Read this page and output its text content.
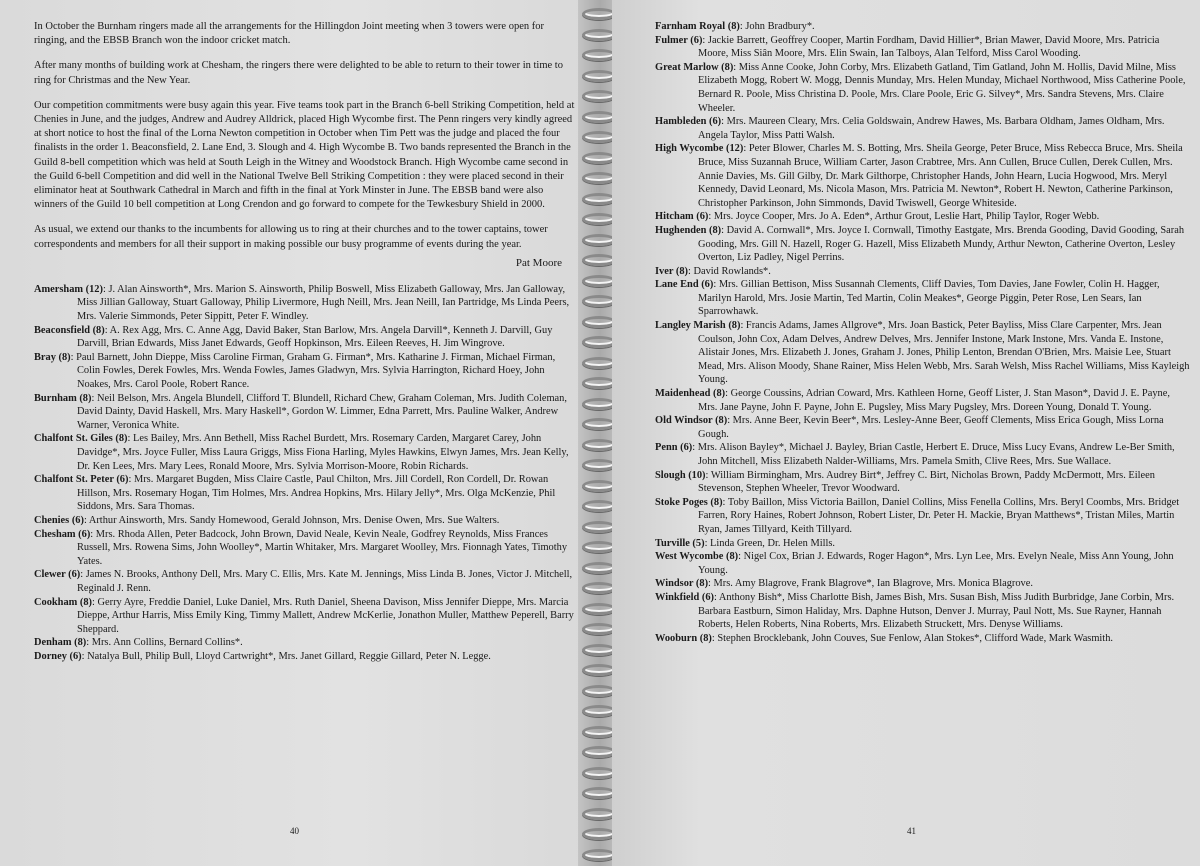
In October the Burnham ringers made all the arrangements for the Hillingdon Joint meeting when 3 towers were open for ringing, and the EBSB Branch won the indoor cricket match.

After many months of building work at Chesham, the ringers there were delighted to be able to return to their tower in time to ring for Christmas and the New Year.

Our competition commitments were busy again this year. Five teams took part in the Branch 6-bell Striking Competition, held at Chenies in June, and the judges, Andrew and Audrey Alldrick, placed High Wycombe first. The Penn ringers very kindly agreed at short notice to host the final of the Lorna Newton competition in October when Tim Pett was the judge and placed the four finalists in the order 1. Beaconsfield, 2. Lane End, 3. Slough and 4. High Wycombe B. Two bands represented the Branch in the Guild 8-bell competition which was held at South Leigh in the Witney and Woodstock Branch. High Wycombe came second in the Guild 6-bell Competition and did well in the National Twelve Bell Striking Competition : they were placed second in their eliminator heat at Southwark Cathedral in March and fifth in the final at York Minster in June. The EBSB band were also winners of the Guild 10 bell competition at Long Crendon and go forward to compete for the Tewkesbury Shield in 2000.

As usual, we extend our thanks to the incumbents for allowing us to ring at their churches and to the tower captains, tower correspondents and members for all their support in making possible our busy programme of events during the year.

Pat Moore

Amersham (12): J. Alan Ainsworth*, Mrs. Marion S. Ainsworth, Philip Boswell, Miss Elizabeth Galloway, Mrs. Jan Galloway, Miss Jillian Galloway, Stuart Galloway, Philip Livermore, Hugh Neill, Mrs. Jean Neill, Ian Partridge, Ms Linda Peers, Mrs. Valerie Simmonds, Peter Sippitt, Peter F. Windley.

Beaconsfield (8): A. Rex Agg, Mrs. C. Anne Agg, David Baker, Stan Barlow, Mrs. Angela Darvill*, Kenneth J. Darvill, Guy Darvill, Brian Edwards, Miss Janet Edwards, Geoff Hopkinson, Mrs. Eileen Reeves, H. Jim Wingrove.

Bray (8): Paul Barnett, John Dieppe, Miss Caroline Firman, Graham G. Firman*, Mrs. Katharine J. Firman, Michael Firman, Colin Fowles, Derek Fowles, Mrs. Wenda Fowles, James Gladwyn, Mrs. Sylvia Harrington, Richard Hoey, John Noakes, Mrs. Carol Poole, Robert Rance.

Burnham (8): Neil Belson, Mrs. Angela Blundell, Clifford T. Blundell, Richard Chew, Graham Coleman, Mrs. Judith Coleman, David Dainty, David Haskell, Mrs. Mary Haskell*, Gordon W. Limmer, Edna Parrett, Mrs. Pauline Walker, Andrew Warner, Veronica White.

Chalfont St. Giles (8): Les Bailey, Mrs. Ann Bethell, Miss Rachel Burdett, Mrs. Rosemary Carden, Margaret Carey, John Davidge*, Mrs. Joyce Fuller, Miss Laura Griggs, Miss Fiona Harling, Myles Hawkins, Elwyn James, Mrs. Jean Kelly, Dr. Ken Lees, Mrs. Mary Lees, Ronald Moore, Mrs. Sylvia Morrison-Moore, Robin Richards.

Chalfont St. Peter (6): Mrs. Margaret Bugden, Miss Claire Castle, Paul Chilton, Mrs. Jill Cordell, Ron Cordell, Dr. Rowan Hillson, Mrs. Rosemary Hogan, Tim Holmes, Mrs. Andrea Hopkins, Mrs. Hilary Jelly*, Mrs. Olga McKenzie, Phil Siddons, Mrs. Sara Thomas.

Chenies (6): Arthur Ainsworth, Mrs. Sandy Homewood, Gerald Johnson, Mrs. Denise Owen, Mrs. Sue Walters.

Chesham (6): Mrs. Rhoda Allen, Peter Badcock, John Brown, David Neale, Kevin Neale, Godfrey Reynolds, Miss Frances Russell, Mrs. Rowena Sims, John Woolley*, Martin Whitaker, Mrs. Margaret Woolley, Mrs. Fionnagh Yates, Timothy Yates.

Clewer (6): James N. Brooks, Anthony Dell, Mrs. Mary C. Ellis, Mrs. Kate M. Jennings, Miss Linda B. Jones, Victor J. Mitchell, Reginald J. Renn.

Cookham (8): Gerry Ayre, Freddie Daniel, Luke Daniel, Mrs. Ruth Daniel, Sheena Davison, Miss Jennifer Dieppe, Mrs. Marcia Dieppe, Arthur Harris, Miss Emily King, Timmy Mallett, Andrew McKerlie, Jonathon Muller, Matthew Peperell, Barry Sheppard.

Denham (8): Mrs. Ann Collins, Bernard Collins*.

Dorney (6): Natalya Bull, Philip Bull, Lloyd Cartwright*, Mrs. Janet Gillard, Reggie Gillard, Peter N. Legge.

40

Farnham Royal (8): John Bradbury*.

Fulmer (6): Jackie Barrett, Geoffrey Cooper, Martin Fordham, David Hillier*, Brian Mawer, David Moore, Mrs. Patricia Moore, Miss Siân Moore, Mrs. Elin Swain, Ian Talboys, Alan Telford, Miss Carol Wooding.

Great Marlow (8): Miss Anne Cooke, John Corby, Mrs. Elizabeth Gatland, Tim Gatland, John M. Hollis, David Milne, Miss Elizabeth Mogg, Robert W. Mogg, Dennis Munday, Mrs. Helen Munday, Michael Northwood, Miss Catherine Poole, Bernard R. Poole, Miss Christina D. Poole, Mrs. Clare Poole, Eric G. Silvey*, Mrs. Sandra Stevens, Mrs. Claire Wheeler.

Hambleden (6): Mrs. Maureen Cleary, Mrs. Celia Goldswain, Andrew Hawes, Ms. Barbara Oldham, James Oldham, Mrs. Angela Taylor, Miss Patti Walsh.

High Wycombe (12): Peter Blower, Charles M. S. Botting, Mrs. Sheila George, Peter Bruce, Miss Rebecca Bruce, Mrs. Sheila Bruce, Miss Suzannah Bruce, William Carter, Jason Crabtree, Mrs. Ann Cullen, Bruce Cullen, Derek Cullen, Mrs. Annie Davies, Ms. Gill Gilby, Dr. Mark Gilthorpe, Christopher Hands, John Hearn, Lucia Hogwood, Mrs. Meryl Kennedy, David Leonard, Ms. Nicola Mason, Mrs. Patricia M. Newton*, Robert H. Newton, Catherine Parkinson, Christopher Parkinson, John Simmonds, David Twiswell, George Whiteside.

Hitcham (6): Mrs. Joyce Cooper, Mrs. Jo A. Eden*, Arthur Grout, Leslie Hart, Philip Taylor, Roger Webb.

Hughenden (8): David A. Cornwall*, Mrs. Joyce I. Cornwall, Timothy Eastgate, Mrs. Brenda Gooding, David Gooding, Sarah Gooding, Mrs. Gill N. Hazell, Roger G. Hazell, Miss Elizabeth Mundy, Arthur Newton, Catherine Overton, Lesley Overton, Liz Padley, Nigel Perrins.

Iver (8): David Rowlands*.

Lane End (6): Mrs. Gillian Bettison, Miss Susannah Clements, Cliff Davies, Tom Davies, Jane Fowler, Colin H. Hagger, Marilyn Harold, Mrs. Josie Martin, Ted Martin, Colin Meakes*, George Piggin, Peter Rose, Len Sears, Ian Sparrowhawk.

Langley Marish (8): Francis Adams, James Allgrove*, Mrs. Joan Bastick, Peter Bayliss, Miss Clare Carpenter, Mrs. Jean Coulson, John Cox, Adam Delves, Andrew Delves, Mrs. Jennifer Instone, Mark Instone, Mrs. Vanda E. Instone, Alistair Jones, Mrs. Elizabeth J. Jones, Graham J. Jones, Philip Lenton, Brendan O'Brien, Mrs. Maisie Lee, Stuart Mead, Mrs. Alison Moody, Shane Rainer, Miss Helen Webb, Mrs. Sarah Welsh, Miss Rachel Williams, Miss Kayleigh Young.

Maidenhead (8): George Coussins, Adrian Coward, Mrs. Kathleen Horne, Geoff Lister, J. Stan Mason*, David J. E. Payne, Mrs. Jane Payne, John F. Payne, John E. Pugsley, Miss Mary Pugsley, Mrs. Doreen Young, Donald T. Young.

Old Windsor (8): Mrs. Anne Beer, Kevin Beer*, Mrs. Lesley-Anne Beer, Geoff Clements, Miss Erica Gough, Miss Lorna Gough.

Penn (6): Mrs. Alison Bayley*, Michael J. Bayley, Brian Castle, Herbert E. Druce, Miss Lucy Evans, Andrew Le-Ber Smith, John Mitchell, Miss Elizabeth Nalder-Williams, Mrs. Pamela Smith, Clive Rees, Mrs. Sue Wallace.

Slough (10): William Birmingham, Mrs. Audrey Birt*, Jeffrey C. Birt, Nicholas Brown, Paddy McDermott, Mrs. Eileen Stevenson, Stephen Wheeler, Trevor Woodward.

Stoke Poges (8): Toby Baillon, Miss Victoria Baillon, Daniel Collins, Miss Fenella Collins, Mrs. Beryl Coombs, Mrs. Bridget Farren, Rory Haines, Robert Johnson, Robert Lister, Dr. Peter H. Mackie, Bryan Matthews*, Tristan Miles, Martin Ryan, James Tillyard, Keith Tillyard.

Turville (5): Linda Green, Dr. Helen Mills.

West Wycombe (8): Nigel Cox, Brian J. Edwards, Roger Hagon*, Mrs. Lyn Lee, Mrs. Evelyn Neale, Miss Ann Young, John Young.

Windsor (8): Mrs. Amy Blagrove, Frank Blagrove*, Ian Blagrove, Mrs. Monica Blagrove.

Winkfield (6): Anthony Bish*, Miss Charlotte Bish, James Bish, Mrs. Susan Bish, Miss Judith Burbridge, Jane Corbin, Mrs. Barbara Eastburn, Simon Haliday, Mrs. Daphne Hutson, Denver J. Murray, Paul Nott, Ms. Sue Rayner, Hannah Roberts, Helen Roberts, Nina Roberts, Mrs. Elizabeth Struckett, Mrs. Denyse Williams.

Wooburn (8): Stephen Brocklebank, John Couves, Sue Fenlow, Alan Stokes*, Clifford Wade, Mark Wasmith.

41
